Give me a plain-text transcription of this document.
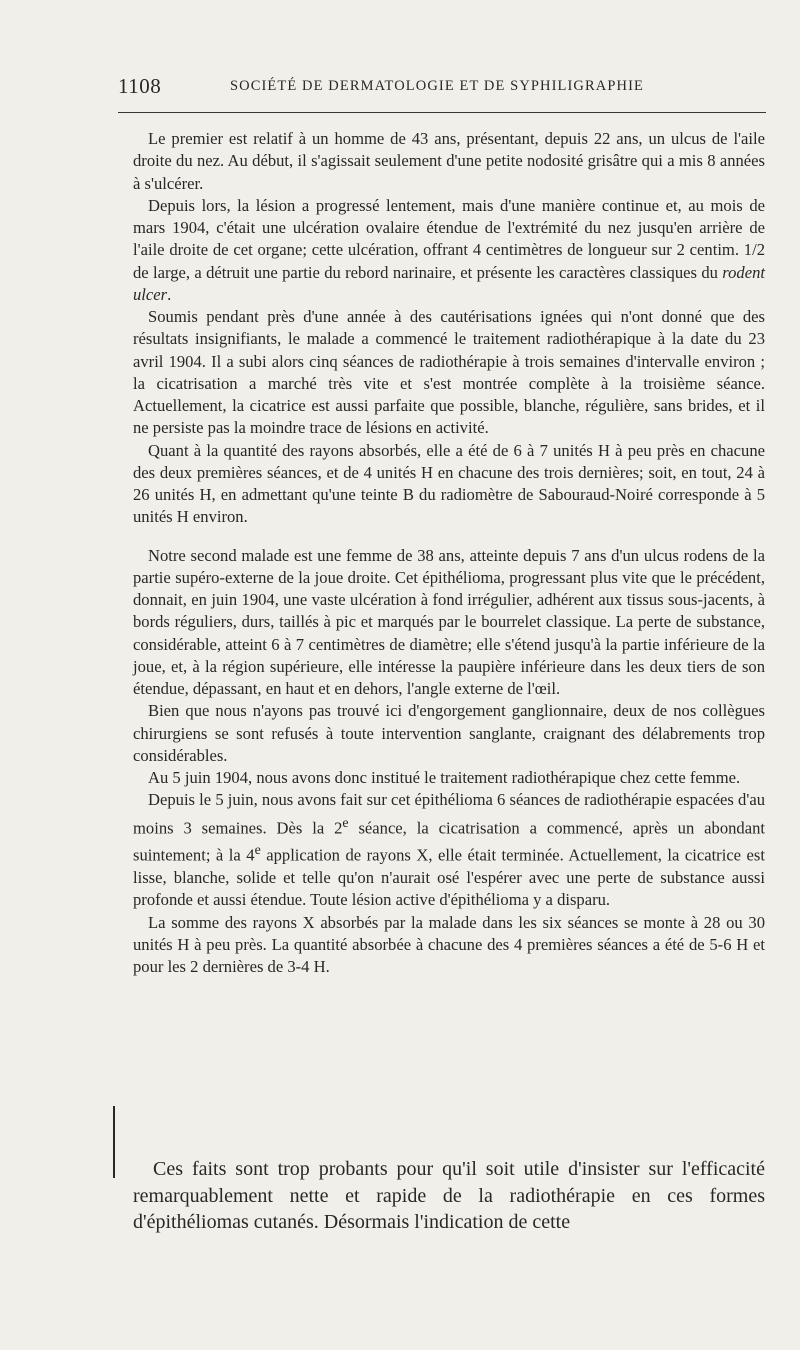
1108	SOCIÉTÉ DE DERMATOLOGIE ET DE SYPHILIGRAPHIE

Le premier est relatif à un homme de 43 ans, présentant, depuis 22 ans, un ulcus de l'aile droite du nez. Au début, il s'agissait seulement d'une petite nodosité grisâtre qui a mis 8 années à s'ulcérer.

Depuis lors, la lésion a progressé lentement, mais d'une manière continue et, au mois de mars 1904, c'était une ulcération ovalaire étendue de l'extrémité du nez jusqu'en arrière de l'aile droite de cet organe; cette ulcération, offrant 4 centimètres de longueur sur 2 centim. 1/2 de large, a détruit une partie du rebord narinaire, et présente les caractères classiques du rodent ulcer.

Soumis pendant près d'une année à des cautérisations ignées qui n'ont donné que des résultats insignifiants, le malade a commencé le traitement radiothérapique à la date du 23 avril 1904. Il a subi alors cinq séances de radiothérapie à trois semaines d'intervalle environ ; la cicatrisation a marché très vite et s'est montrée complète à la troisième séance. Actuellement, la cicatrice est aussi parfaite que possible, blanche, régulière, sans brides, et il ne persiste pas la moindre trace de lésions en activité.

Quant à la quantité des rayons absorbés, elle a été de 6 à 7 unités H à peu près en chacune des deux premières séances, et de 4 unités H en chacune des trois dernières; soit, en tout, 24 à 26 unités H, en admettant qu'une teinte B du radiomètre de Sabouraud-Noiré corresponde à 5 unités H environ.

Notre second malade est une femme de 38 ans, atteinte depuis 7 ans d'un ulcus rodens de la partie supéro-externe de la joue droite. Cet épithélioma, progressant plus vite que le précédent, donnait, en juin 1904, une vaste ulcération à fond irrégulier, adhérent aux tissus sous-jacents, à bords réguliers, durs, taillés à pic et marqués par le bourrelet classique. La perte de substance, considérable, atteint 6 à 7 centimètres de diamètre; elle s'étend jusqu'à la partie inférieure de la joue, et, à la région supérieure, elle intéresse la paupière inférieure dans les deux tiers de son étendue, dépassant, en haut et en dehors, l'angle externe de l'œil.

Bien que nous n'ayons pas trouvé ici d'engorgement ganglionnaire, deux de nos collègues chirurgiens se sont refusés à toute intervention sanglante, craignant des délabrements trop considérables.

Au 5 juin 1904, nous avons donc institué le traitement radiothérapique chez cette femme.

Depuis le 5 juin, nous avons fait sur cet épithélioma 6 séances de radiothérapie espacées d'au moins 3 semaines. Dès la 2e séance, la cicatrisation a commencé, après un abondant suintement; à la 4e application de rayons X, elle était terminée. Actuellement, la cicatrice est lisse, blanche, solide et telle qu'on n'aurait osé l'espérer avec une perte de substance aussi profonde et aussi étendue. Toute lésion active d'épithélioma y a disparu.

La somme des rayons X absorbés par la malade dans les six séances se monte à 28 ou 30 unités H à peu près. La quantité absorbée à chacune des 4 premières séances a été de 5-6 H et pour les 2 dernières de 3-4 H.

Ces faits sont trop probants pour qu'il soit utile d'insister sur l'efficacité remarquablement nette et rapide de la radiothérapie en ces formes d'épithéliomas cutanés. Désormais l'indication de cette
